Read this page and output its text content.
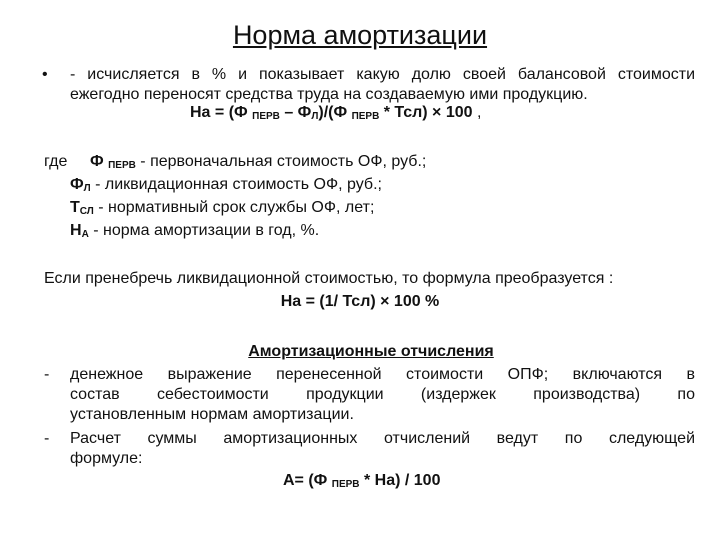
Норма амортизации
• - исчисляется в % и показывает какую долю своей балансовой стоимости
ежегодно переносят средства труда на создаваемую ими продукцию.
На = (Ф $_{ПЕРВ} - Ф_Л)/(Ф$ $_{ПЕРВ}$ * Тсл) × 100 ,
где Ф $_{ПЕРВ}$ - первоначальная стоимость ОФ, руб.;
$Ф_Л$ - ликвидационная стоимость ОФ, руб.;
$Т_{СЛ}$ - нормативный срок службы ОФ, лет;
$Н_А$ - норма амортизации в год, %.
Если пренебречь ликвидационной стоимостью, то формула преобразуется :
На = (1/ Тсл) × 100 %
Амортизационные отчисления
- денежное выражение перенесенной стоимости ОПФ; включаются в
состав себестоимости продукции (издержек производства) по
установленным нормам амортизации.
- Расчет суммы амортизационных отчислений ведут по следующей
формуле:
А= (Ф $_{ПЕРВ}$ * На) / 100
